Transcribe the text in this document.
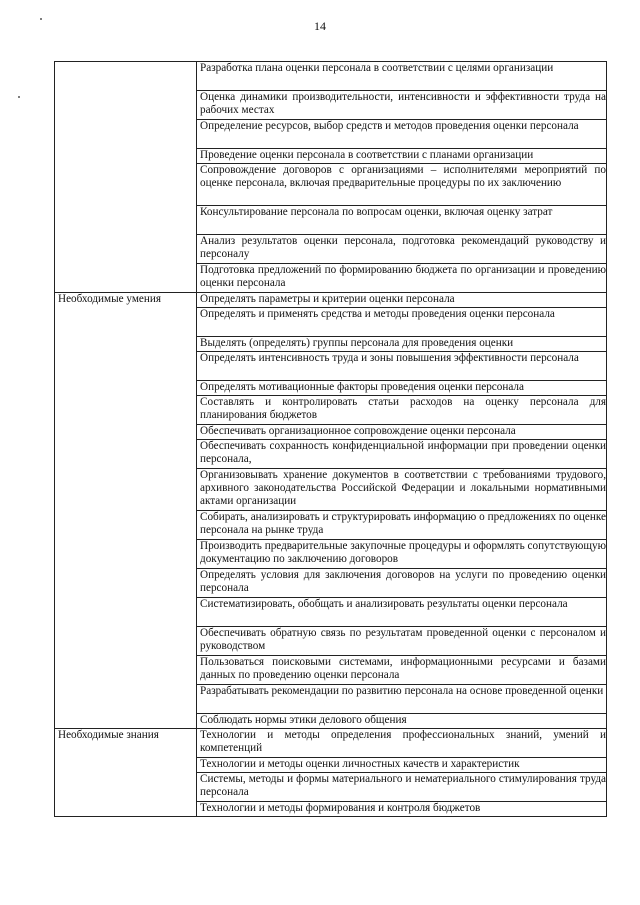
14
	Разработка плана оценки персонала в соответствии с целями организации
	Оценка динамики производительности, интенсивности и эффективности труда на рабочих местах
	Определение ресурсов, выбор средств и методов проведения оценки персонала
	Проведение оценки персонала в соответствии с планами организации
	Сопровождение договоров с организациями – исполнителями мероприятий по оценке персонала, включая предварительные процедуры по их заключению
	Консультирование персонала по вопросам оценки, включая оценку затрат
	Анализ результатов оценки персонала, подготовка рекомендаций руководству и персоналу
	Подготовка предложений по формированию бюджета по организации и проведению оценки персонала
Необходимые умения	Определять параметры и критерии оценки персонала
	Определять и применять средства и методы проведения оценки персонала
	Выделять (определять) группы персонала для проведения оценки
	Определять интенсивность труда и зоны повышения эффективности персонала
	Определять мотивационные факторы проведения оценки персонала
	Составлять и контролировать статьи расходов на оценку персонала для планирования бюджетов
	Обеспечивать организационное сопровождение оценки персонала
	Обеспечивать сохранность конфиденциальной информации при проведении оценки персонала,
	Организовывать хранение документов в соответствии с требованиями трудового, архивного законодательства Российской Федерации и локальными нормативными актами организации
	Собирать, анализировать и структурировать информацию о предложениях по оценке персонала на рынке труда
	Производить предварительные закупочные процедуры и оформлять сопутствующую документацию по заключению договоров
	Определять условия для заключения договоров на услуги по проведению оценки персонала
	Систематизировать, обобщать и анализировать результаты оценки персонала
	Обеспечивать обратную связь по результатам проведенной оценки с персоналом и руководством
	Пользоваться поисковыми системами, информационными ресурсами и базами данных по проведению оценки персонала
	Разрабатывать рекомендации по развитию персонала на основе проведенной оценки
	Соблюдать нормы этики делового общения
Необходимые знания	Технологии и методы определения профессиональных знаний, умений и компетенций
	Технологии и методы оценки личностных качеств и характеристик
	Системы, методы и формы материального и нематериального стимулирования труда персонала
	Технологии и методы формирования и контроля бюджетов
